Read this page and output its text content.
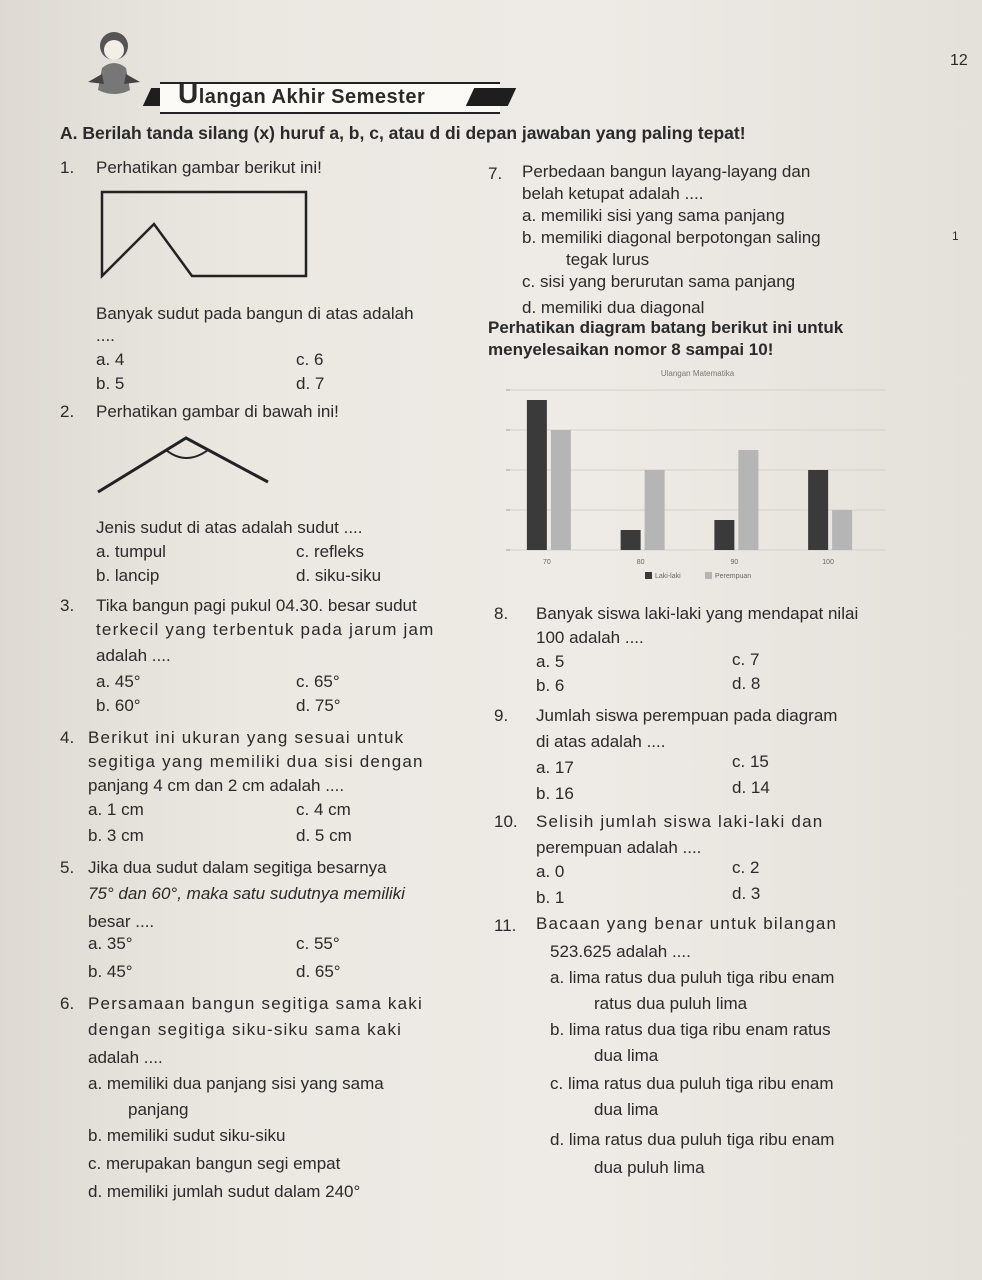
12
Ulangan Akhir Semester
A. Berilah tanda silang (x) huruf a, b, c, atau d di depan jawaban yang paling tepat!
1. Perhatikan gambar berikut ini!
Banyak sudut pada bangun di atas adalah
....
a. 4	c. 6
b. 5	d. 7
2. Perhatikan gambar di bawah ini!
Jenis sudut di atas adalah sudut ....
a. tumpul	c. refleks
b. lancip	d. siku-siku
3. Tika bangun pagi pukul 04.30. besar sudut
terkecil yang terbentuk pada jarum jam
adalah ....
a. 45°	c. 65°
b. 60°	d. 75°
4. Berikut ini ukuran yang sesuai untuk
segitiga yang memiliki dua sisi dengan
panjang 4 cm dan 2 cm adalah ....
a. 1 cm	c. 4 cm
b. 3 cm	d. 5 cm
5. Jika dua sudut dalam segitiga besarnya
75° dan 60°, maka satu sudutnya memiliki
besar ....
a. 35°	c. 55°
b. 45°	d. 65°
6. Persamaan bangun segitiga sama kaki
dengan segitiga siku-siku sama kaki
adalah ....
a. memiliki dua panjang sisi yang sama
panjang
b. memiliki sudut siku-siku
c. merupakan bangun segi empat
d. memiliki jumlah sudut dalam 240°
7. Perbedaan bangun layang-layang dan
belah ketupat adalah ....
a. memiliki sisi yang sama panjang
b. memiliki diagonal berpotongan saling
tegak lurus
c. sisi yang berurutan sama panjang
d. memiliki dua diagonal
1
Perhatikan diagram batang berikut ini untuk
menyelesaikan nomor 8 sampai 10!
Ulangan Matematika
70	80	90	100
Laki-laki	Perempuan
8. Banyak siswa laki-laki yang mendapat nilai
100 adalah ....
a. 5	c. 7
b. 6	d. 8
9. Jumlah siswa perempuan pada diagram
di atas adalah ....
a. 17	c. 15
b. 16	d. 14
10. Selisih jumlah siswa laki-laki dan
perempuan adalah ....
a. 0	c. 2
b. 1	d. 3
11. Bacaan yang benar untuk bilangan
523.625 adalah ....
a. lima ratus dua puluh tiga ribu enam
ratus dua puluh lima
b. lima ratus dua tiga ribu enam ratus
dua lima
c. lima ratus dua puluh tiga ribu enam
dua lima
d. lima ratus dua puluh tiga ribu enam
dua puluh lima
